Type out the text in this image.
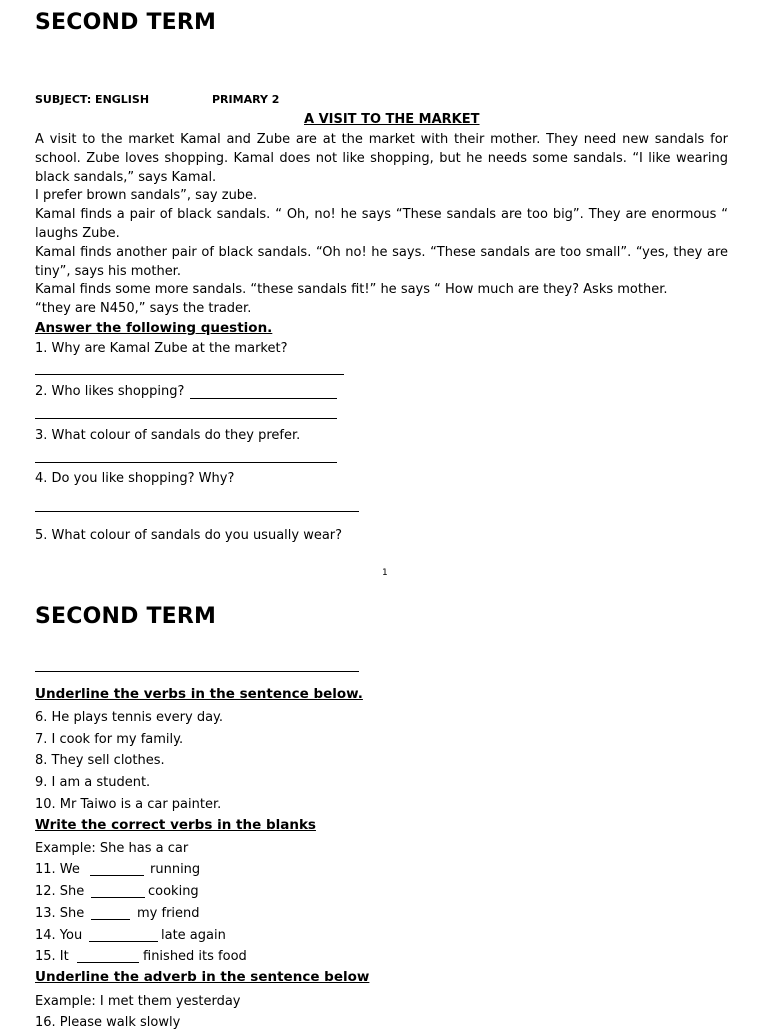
SECOND TERM
SUBJECT: ENGLISH	PRIMARY 2
A VISIT TO THE MARKET

A visit to the market Kamal and Zube are at the market with their mother. They need new sandals for school. Zube loves shopping. Kamal does not like shopping, but he needs some sandals. “I like wearing black sandals,” says Kamal.

I prefer brown sandals”, say zube.

Kamal finds a pair of black sandals. “ Oh, no! he says “These sandals are too big”. They are enormous “ laughs Zube.

Kamal finds another pair of black sandals. “Oh no! he says. “These sandals are too small”. “yes, they are tiny”, says his mother.

Kamal finds some more sandals. “these sandals fit!” he says “ How much are they? Asks mother.

“they are N450,” says the trader.

Answer the following question.
1. Why are Kamal Zube at the market?
2. Who likes shopping?
3. What colour of sandals do they prefer.
4. Do you like shopping? Why?
5. What colour of sandals do you usually wear?
1
SECOND TERM
Underline the verbs in the sentence below.
6. He plays tennis every day.
7. I cook for my family.
8. They sell clothes.
9. I am a student.
10. Mr Taiwo is a car painter.
Write the correct verbs in the blanks
Example: She has a car
11. We	running
12. She	cooking
13. She	my friend
14. You	late again
15. It	finished its food
Underline the adverb in the sentence below
Example: I met them yesterday
16. Please walk slowly
